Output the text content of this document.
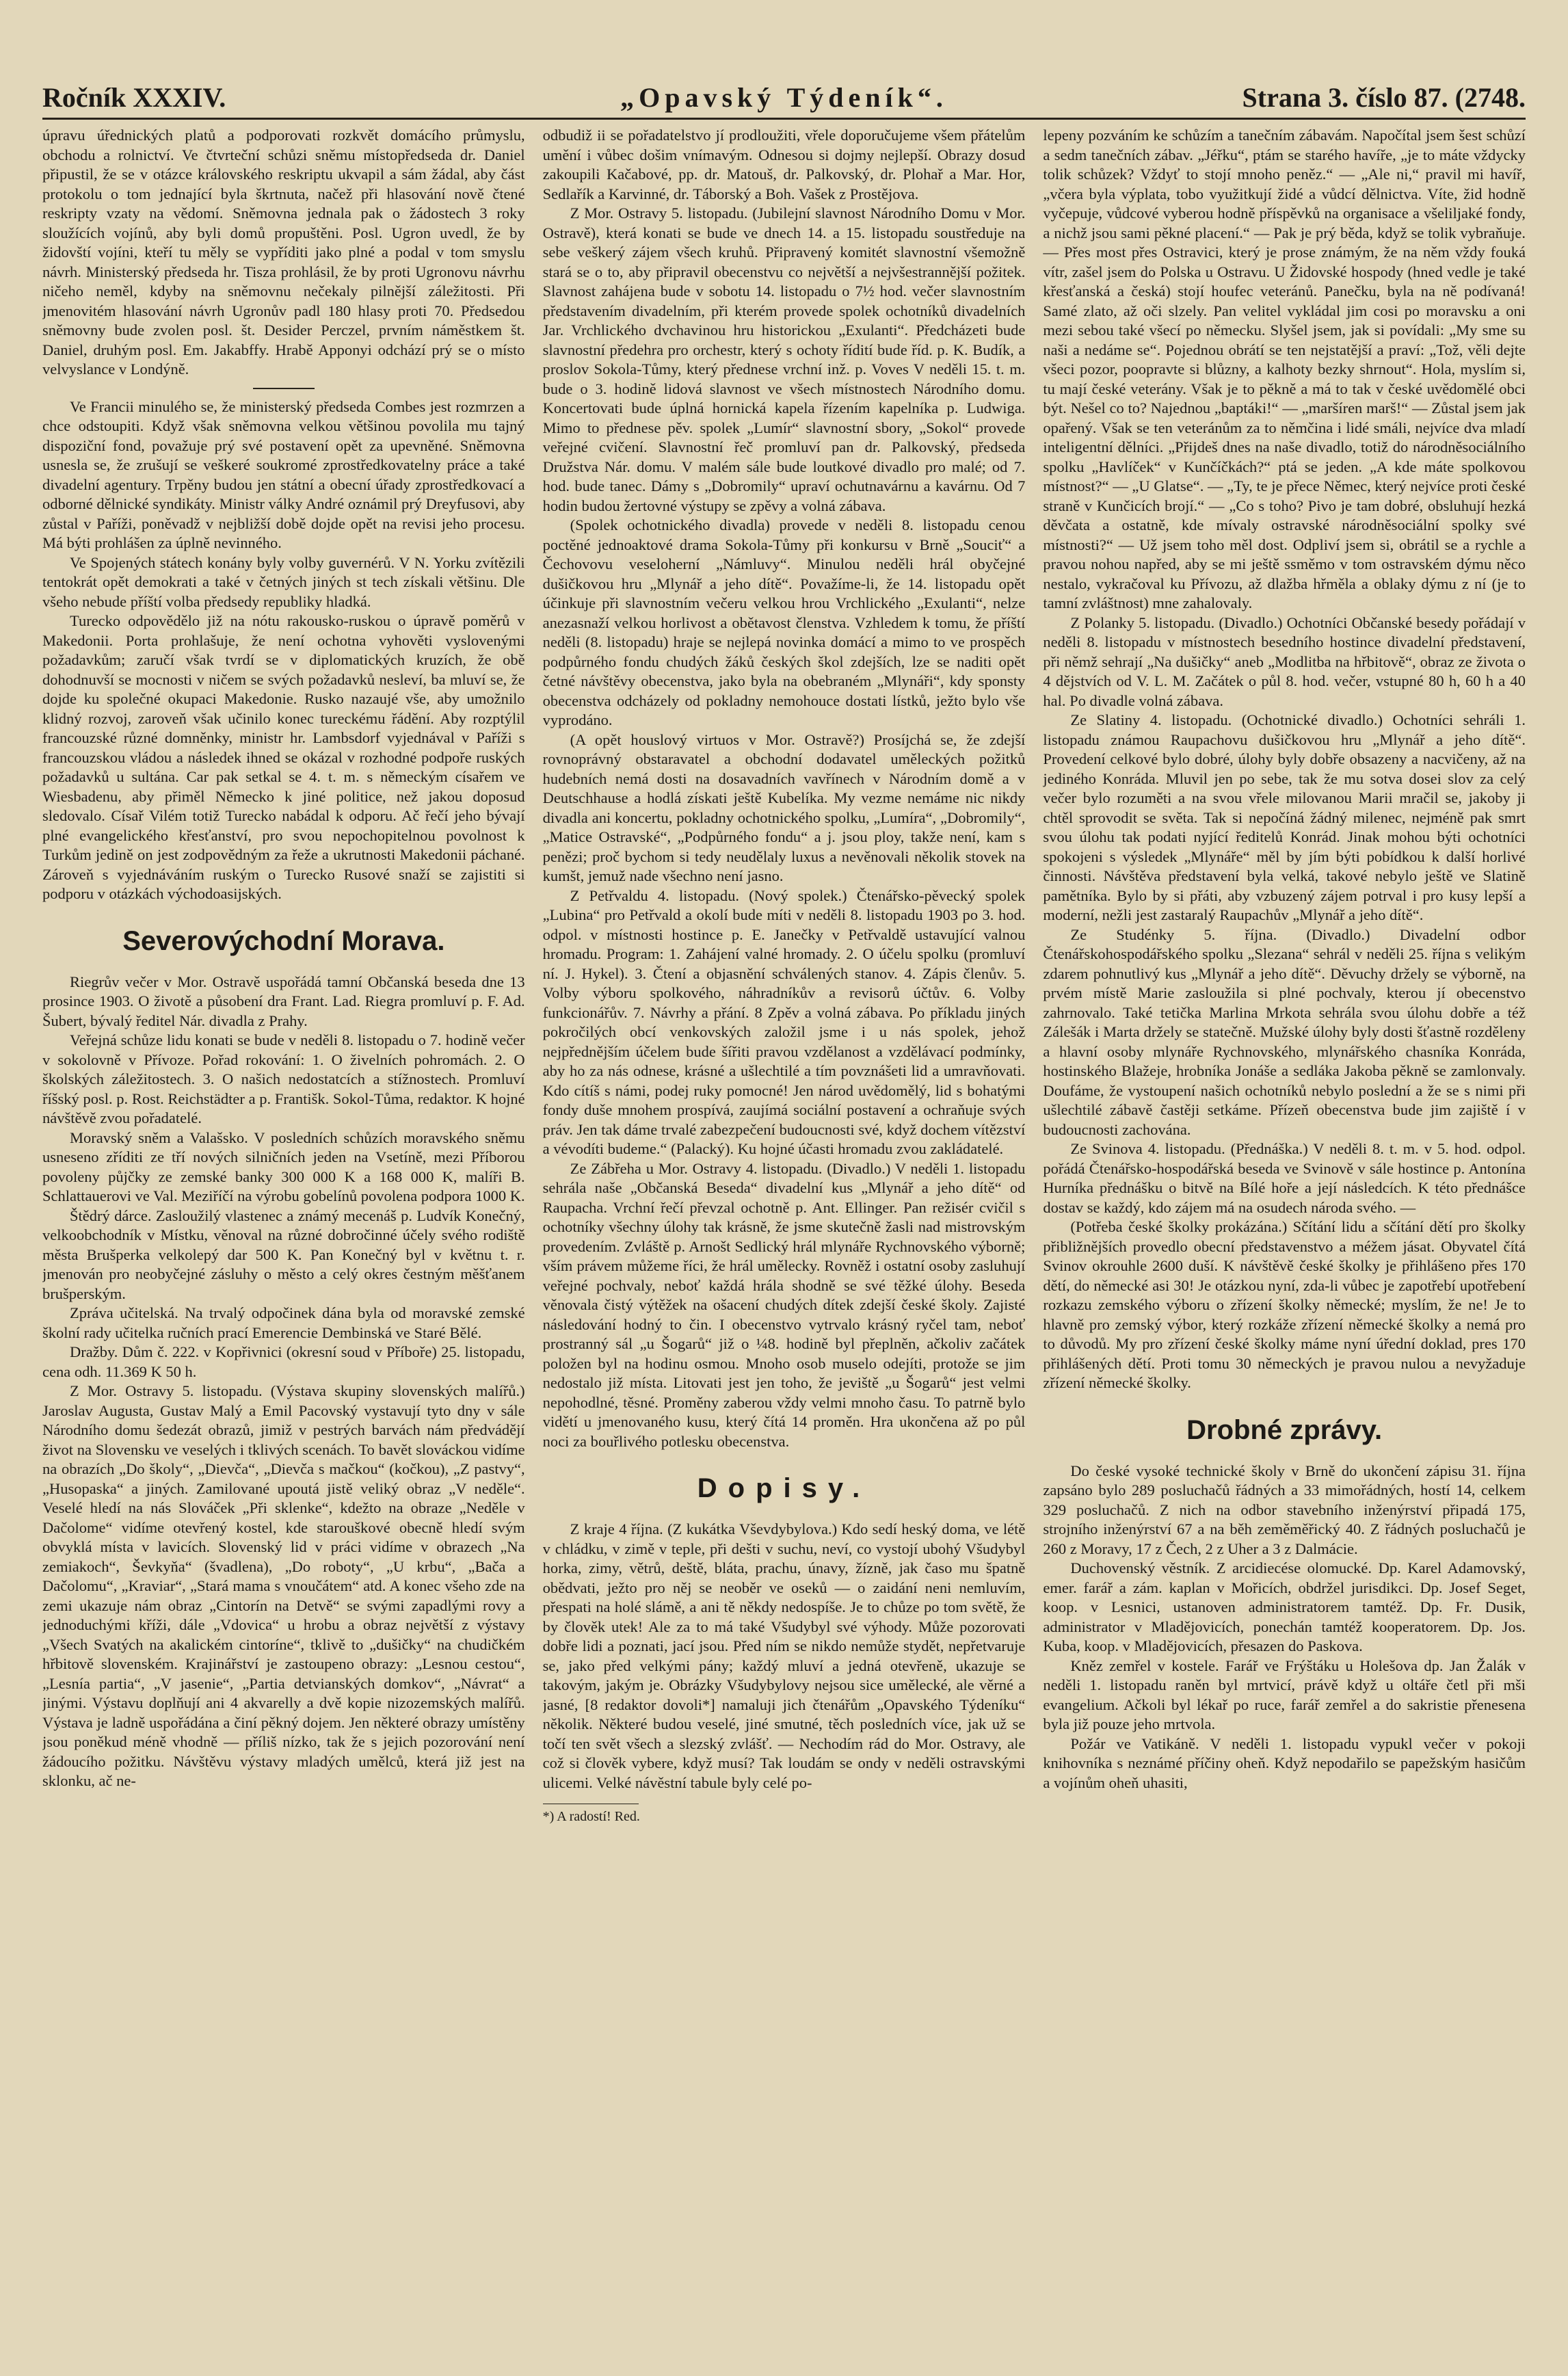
Ročník XXXIV.	„Opavský Týdeník“.	Strana 3. číslo 87. (2748.

úpravu úřednických platů a podporovati rozkvět domácího průmyslu, obchodu a rolnictví. Ve čtvrteční schůzi sněmu místopředseda dr. Daniel připustil, že se v otázce královského reskriptu ukvapil a sám žádal, aby část protokolu o tom jednající byla škrtnuta, načež při hlasování nově čtené reskripty vzaty na vědomí. Sněmovna jednala pak o žádostech 3 roky sloužících vojínů, aby byli domů propuštěni. Posl. Ugron uvedl, že by židovští vojíni, kteří tu měly se vypříditi jako plné a podal v tom smyslu návrh. Ministerský předseda hr. Tisza prohlásil, že by proti Ugronovu návrhu ničeho neměl, kdyby na sněmovnu nečekaly pilnější záležitosti. Při jmenovitém hlasování návrh Ugronův padl 180 hlasy proti 70. Předsedou sněmovny bude zvolen posl. št. Desider Perczel, prvním náměstkem št. Daniel, druhým posl. Em. Jakabffy. Hrabě Apponyi odchází prý se o místo velvyslance v Londýně.

Ve Francii minulého se, že ministerský předseda Combes jest rozmrzen a chce odstoupiti. Když však sněmovna velkou většinou povolila mu tajný dispoziční fond, považuje prý své postavení opět za upevněné. Sněmovna usnesla se, že zrušují se veškeré soukromé zprostředkovatelny práce a také divadelní agentury. Trpěny budou jen státní a obecní úřady zprostředkovací a odborné dělnické syndikáty. Ministr války André oznámil prý Dreyfusovi, aby zůstal v Paříži, poněvadž v nejbližší době dojde opět na revisi jeho procesu. Má býti prohlášen za úplně nevinného.

Ve Spojených státech konány byly volby guvernérů. V N. Yorku zvítězili tentokrát opět demokrati a také v četných jiných st tech získali většinu. Dle všeho nebude příští volba předsedy republiky hladká.

Turecko odpovědělo již na nótu rakousko-ruskou o úpravě poměrů v Makedonii. Porta prohlašuje, že není ochotna vyhověti vyslovenými požadavkům; zaručí však tvrdí se v diplomatických kruzích, že obě dohodnuvší se mocnosti v ničem se svých požadavků nesleví, ba mluví se, že dojde ku společné okupaci Makedonie. Rusko nazaujé vše, aby umožnilo klidný rozvoj, zaroveň však učinilo konec tureckému řádění. Aby rozptýlil francouzské různé domněnky, ministr hr. Lambsdorf vyjednával v Paříži s francouzskou vládou a následek ihned se okázal v rozhodné podpoře ruských požadavků u sultána. Car pak setkal se 4. t. m. s německým císařem ve Wiesbadenu, aby přiměl Německo k jiné politice, než jakou doposud sledovalo. Císař Vilém totiž Turecko nabádal k odporu. Ač řečí jeho bývají plné evangelického křesťanství, pro svou nepochopitelnou povolnost k Turkům jedině on jest zodpovědným za řeže a ukrutnosti Makedonii páchané. Zároveň s vyjednáváním ruským o Turecko Rusové snaží se zajistiti si podporu v otázkách východoasijských.

Severovýchodní Morava.

Riegrův večer v Mor. Ostravě uspořádá tamní Občanská beseda dne 13 prosince 1903. O životě a působení dra Frant. Lad. Riegra promluví p. F. Ad. Šubert, bývalý ředitel Nár. divadla z Prahy.

Veřejná schůze lidu konati se bude v neděli 8. listopadu o 7. hodině večer v sokolovně v Přívoze. Pořad rokování: 1. O živelních pohromách. 2. O školských záležitostech. 3. O našich nedostatcích a stížnostech. Promluví říšský posl. p. Rost. Reichstädter a p. Františk. Sokol-Tůma, redaktor. K hojné návštěvě zvou pořadatelé.

Moravský sněm a Valašsko. V posledních schůzích moravského sněmu usneseno zříditi ze tří nových silničních jeden na Vsetíně, mezi Příborou povoleny půjčky ze zemské banky 300 000 K a 168 000 K, malíři B. Schlattauerovi ve Val. Meziříčí na výrobu gobelínů povolena podpora 1000 K.

Štědrý dárce. Zasloužilý vlastenec a známý mecenáš p. Ludvík Konečný, velkoobchodník v Místku, věnoval na různé dobročinné účely svého rodiště města Brušperka velkolepý dar 500 K. Pan Konečný byl v květnu t. r. jmenován pro neobyčejné zásluhy o město a celý okres čestným měšťanem brušperským.

Zpráva učitelská. Na trvalý odpočinek dána byla od moravské zemské školní rady učitelka ručních prací Emerencie Dembinská ve Staré Bělé.

Dražby. Dům č. 222. v Kopřivnici (okresní soud v Příboře) 25. listopadu, cena odh. 11.369 K 50 h.

Z Mor. Ostravy 5. listopadu. (Výstava skupiny slovenských malířů.) Jaroslav Augusta, Gustav Malý a Emil Pacovský vystavují tyto dny v sále Národního domu šedezát obrazů, jimiž v pestrých barvách nám předvádějí život na Slovensku ve veselých i tklivých scenách. To bavět slováckou vidíme na obrazích „Do školy“, „Dievča“, „Dievča s mačkou“ (kočkou), „Z pastvy“, „Husopaska“ a jiných. Zamilované upoutá jistě veliký obraz „V neděle“. Veselé hledí na nás Slováček „Při sklenke“, kdežto na obraze „Neděle v Dačolome“ vidíme otevřený kostel, kde starouškové obecně hledí svým obvyklá místa v lavicích. Slovenský lid v práci vidíme v obrazech „Na zemiakoch“, Ševkyňa“ (švadlena), „Do roboty“, „U krbu“, „Bača a Dačolomu“, „Kraviar“, „Stará mama s vnoučátem“ atd. A konec všeho zde na zemi ukazuje nám obraz „Cintorín na Detvě“ se svými zapadlými rovy a jednoduchými kříži, dále „Vdovica“ u hrobu a obraz největší z výstavy „Všech Svatých na akalickém cintoríne“, tklivě to „dušičky“ na chudičkém hřbitově slovenském. Krajinářství je zastoupeno obrazy: „Lesnou cestou“, „Lesnía partia“, „V jasenie“, „Partia detvianských domkov“, „Návrat“ a jinými. Výstavu doplňují ani 4 akvarelly a dvě kopie nizozemských malířů. Výstava je ladně uspořádána a činí pěkný dojem. Jen některé obrazy umístěny jsou poněkud méně vhodně — příliš nízko, tak že s jejich pozorování není žádoucího požitku. Návštěvu výstavy mladých umělců, která již jest na sklonku, ač ne-

odbudiž ii se pořadatelstvo jí prodloužiti, vřele doporučujeme všem přátelům umění i vůbec došim vnímavým. Odnesou si dojmy nejlepší. Obrazy dosud zakoupili Kačabové, pp. dr. Matouš, dr. Palkovský, dr. Plohař a Mar. Hor, Sedlařík a Karvinné, dr. Táborský a Boh. Vašek z Prostějova.

Z Mor. Ostravy 5. listopadu. (Jubilejní slavnost Národního Domu v Mor. Ostravě), která konati se bude ve dnech 14. a 15. listopadu soustředuje na sebe veškerý zájem všech kruhů. Připravený komitét slavnostní všemožně stará se o to, aby připravil obecenstvu co největší a nejvšestrannější požitek. Slavnost zahájena bude v sobotu 14. listopadu o 7½ hod. večer slavnostním představením divadelním, při kterém provede spolek ochotníků divadelních Jar. Vrchlického dvchavinou hru historickou „Exulanti“. Předcházeti bude slavnostní předehra pro orchestr, který s ochoty řídití bude říd. p. K. Budík, a proslov Sokola-Tůmy, který přednese vrchní inž. p. Voves V neděli 15. t. m. bude o 3. hodině lidová slavnost ve všech místnostech Národního domu. Koncertovati bude úplná hornická kapela řízením kapelníka p. Ludwiga. Mimo to přednese pěv. spolek „Lumír“ slavnostní sbory, „Sokol“ provede veřejné cvičení. Slavnostní řeč promluví pan dr. Palkovský, předseda Družstva Nár. domu. V malém sále bude loutkové divadlo pro malé; od 7. hod. bude tanec. Dámy s „Dobromily“ upraví ochutnavárnu a kavárnu. Od 7 hodin budou žertovné výstupy se zpěvy a volná zábava.

(Spolek ochotnického divadla) provede v neděli 8. listopadu cenou poctěné jednoaktové drama Sokola-Tůmy při konkursu v Brně „Souciť“ a Čechovovu veseloherní „Námluvy“. Minulou neděli hrál obyčejné dušičkovou hru „Mlynář a jeho dítě“. Považíme-li, že 14. listopadu opět účinkuje při slavnostním večeru velkou hrou Vrchlického „Exulanti“, nelze anezasnaží velkou horlivost a obětavost členstva. Vzhledem k tomu, že příští neděli (8. listopadu) hraje se nejlepá novinka domácí a mimo to ve prospěch podpůrného fondu chudých žáků českých škol zdejších, lze se naditi opět četné návštěvy obecenstva, jako byla na obebraném „Mlynáři“, kdy sponsty obecenstva odcházely od pokladny nemohouce dostati lístků, ježto bylo vše vyprodáno.

(A opět houslový virtuos v Mor. Ostravě?) Prosíjchá se, že zdejší rovnoprávný obstaravatel a obchodní dodavatel uměleckých požitků hudebních nemá dosti na dosavadních vavřínech v Národním domě a v Deutschhause a hodlá získati ještě Kubelíka. My vezme nemáme nic nikdy divadla ani koncertu, pokladny ochotnického spolku, „Lumíra“, „Dobromily“, „Matice Ostravské“, „Podpůrného fondu“ a j. jsou ploy, takže není, kam s penězi; proč bychom si tedy neudělaly luxus a nevěnovali několik stovek na kumšt, jemuž nade všechno není jasno.

Z Petřvaldu 4. listopadu. (Nový spolek.) Čtenářsko-pěvecký spolek „Lubina“ pro Petřvald a okolí bude míti v neděli 8. listopadu 1903 po 3. hod. odpol. v místnosti hostince p. E. Janečky v Petřvaldě ustavující valnou hromadu. Program: 1. Zahájení valné hromady. 2. O účelu spolku (promluví ní. J. Hykel). 3. Čtení a objasnění schválených stanov. 4. Zápis členův. 5. Volby výboru spolkového, náhradníkův a revisorů účtův. 6. Volby funkcionářův. 7. Návrhy a přání. 8 Zpěv a volná zábava. Po příkladu jiných pokročilých obcí venkovských založil jsme i u nás spolek, jehož nejpřednějším účelem bude šířiti pravou vzdělanost a vzdělávací podmínky, aby ho za nás odnese, krásné a ušlechtilé a tím povznášeti lid a umravňovati. Kdo cítíš s námi, podej ruky pomocné! Jen národ uvědomělý, lid s bohatými fondy duše mnohem prospívá, zaujímá sociální postavení a ochraňuje svých práv. Jen tak dáme trvalé zabezpečení budoucnosti své, když dochem vítězství a vévodíti budeme.“ (Palacký). Ku hojné účasti hromadu zvou zakládatelé.

Ze Zábřeha u Mor. Ostravy 4. listopadu. (Divadlo.) V neděli 1. listopadu sehrála naše „Občanská Beseda“ divadelní kus „Mlynář a jeho dítě“ od Raupacha. Vrchní řečí převzal ochotně p. Ant. Ellinger. Pan režisér cvičil s ochotníky všechny úlohy tak krásně, že jsme skutečně žasli nad mistrovským provedením. Zvláště p. Arnošt Sedlický hrál mlynáře Rychnovského výborně; vším právem můžeme říci, že hrál umělecky. Rovněž i ostatní osoby zasluhují veřejné pochvaly, neboť každá hrála shodně se své těžké úlohy. Beseda věnovala čistý výtěžek na ošacení chudých dítek zdejší české školy. Zajisté následování hodný to čin. I obecenstvo vytrvalo krásný ryčel tam, neboť prostranný sál „u Šogarů“ již o ¼8. hodině byl přeplněn, ačkoliv začátek položen byl na hodinu osmou. Mnoho osob muselo odejíti, protože se jim nedostalo již místa. Litovati jest jen toho, že jeviště „u Šogarů“ jest velmi nepohodlné, těsné. Proměny zaberou vždy velmi mnoho času. To patrně bylo vidětí u jmenovaného kusu, který čítá 14 proměn. Hra ukončena až po půl noci za bouřlivého potlesku obecenstva.

Dopisy.

Z kraje 4 října. (Z kukátka Vševdybylova.) Kdo sedí heský doma, ve létě v chládku, v zimě v teple, při dešti v suchu, neví, co vystojí ubohý Všudybyl horka, zimy, větrů, deště, bláta, prachu, únavy, žízně, jak časo mu špatně obědvati, ježto pro něj se neoběr ve oseků — o zaidání neni nemluvím, přespati na holé slámě, a ani tě někdy nedospíše. Je to chůze po tom světě, že by člověk utek! Ale za to má také Všudybyl své výhody. Může pozorovati dobře lidi a poznati, jací jsou. Před ním se nikdo nemůže stydět, nepřetvaruje se, jako před velkými pány; každý mluví a jedná otevřeně, ukazuje se takovým, jakým je. Obrázky Všudybylovy nejsou sice umělecké, ale věrné a jasné, [8 redaktor dovoli*] namaluji jich čtenářům „Opavského Týdeníku“ několik. Některé budou veselé, jiné smutné, těch posledních více, jak už se točí ten svět všech a slezský zvlášť. — Nechodím rád do Mor. Ostravy, ale což si člověk vybere, když musí? Tak loudám se ondy v neděli ostravskými ulicemi. Velké návěstní tabule byly celé po-

*) A radostí! Red.

lepeny pozváním ke schůzím a tanečním zábavám. Napočítal jsem šest schůzí a sedm tanečních zábav. „Jéřku“, ptám se starého havíře, „je to máte vždycky tolik schůzek? Vždyť to stojí mnoho peněz.“ — „Ale ni,“ pravil mi havíř, „včera byla výplata, tobo využitkují židé a vůdcí dělnictva. Víte, žid hodně vyčepuje, vůdcové vyberou hodně příspěvků na organisace a všeliljaké fondy, a nichž jsou sami pěkné placení.“ — Pak je prý běda, když se tolik vybraňuje. — Přes most přes Ostravici, který je prose známým, že na něm vždy fouká vítr, zašel jsem do Polska u Ostravu. U Židovské hospody (hned vedle je také křesťanská a česká) stojí houfec veteránů. Panečku, byla na ně podívaná! Samé zlato, až oči slzely. Pan velitel vykládal jim cosi po moravsku a oni mezi sebou také všecí po německu. Slyšel jsem, jak si povídali: „My sme su naši a nedáme se“. Pojednou obrátí se ten nejstatější a praví: „Tož, věli dejte všeci pozor, poopravte si blůzny, a kalhoty bezky shrnout“. Hola, myslím si, tu mají české veterány. Však je to pěkně a má to tak v české uvědomělé obci být. Nešel co to? Najednou „baptáki!“ — „maršíren marš!“ — Zůstal jsem jak opařený. Však se ten veteránům za to němčina i lidé smáli, nejvíce dva mladí inteligentní dělníci. „Přijdeš dnes na naše divadlo, totiž do národněsociálního spolku „Havlíček“ v Kunčíčkách?“ ptá se jeden. „A kde máte spolkovou místnost?“ — „U Glatse“. — „Ty, te je přece Němec, který nejvíce proti české straně v Kunčicích brojí.“ — „Co s toho? Pivo je tam dobré, obsluhují hezká děvčata a ostatně, kde mívaly ostravské národněsociální spolky své místnosti?“ — Už jsem toho měl dost. Odpliví jsem si, obrátil se a rychle a pravou nohou napřed, aby se mi ještě ssměmo v tom ostravském dýmu něco nestalo, vykračoval ku Přívozu, až dlažba hřměla a oblaky dýmu z ní (je to tamní zvláštnost) mne zahalovaly.

Z Polanky 5. listopadu. (Divadlo.) Ochotníci Občanské besedy pořádají v neděli 8. listopadu v místnostech besedního hostince divadelní představení, při němž sehrají „Na dušičky“ aneb „Modlitba na hřbitově“, obraz ze života o 4 dějstvích od V. L. M. Začátek o půl 8. hod. večer, vstupné 80 h, 60 h a 40 hal. Po divadle volná zábava.

Ze Slatiny 4. listopadu. (Ochotnické divadlo.) Ochotníci sehráli 1. listopadu známou Raupachovu dušičkovou hru „Mlynář a jeho dítě“. Provedení celkové bylo dobré, úlohy byly dobře obsazeny a nacvičeny, až na jediného Konráda. Mluvil jen po sebe, tak že mu sotva dosei slov za celý večer bylo rozuměti a na svou vřele milovanou Marii mračil se, jakoby ji chtěl sprovodit se světa. Tak si nepočíná žádný milenec, nejméně pak smrt svou úlohu tak podati nyjící ředitelů Konrád. Jinak mohou býti ochotníci spokojeni s výsledek „Mlynáře“ měl by jím býti pobídkou k další horlivé činnosti. Návštěva představení byla velká, takové nebylo ještě ve Slatině pamětníka. Bylo by si přáti, aby vzbuzený zájem potrval i pro kusy lepší a moderní, nežli jest zastaralý Raupachův „Mlynář a jeho dítě“.

Ze Studénky 5. října. (Divadlo.) Divadelní odbor Čtenářskohospodářského spolku „Slezana“ sehrál v neděli 25. října s velikým zdarem pohnutlivý kus „Mlynář a jeho dítě“. Děvuchy držely se výborně, na prvém místě Marie zasloužila si plné pochvaly, kterou jí obecenstvo zahrnovalo. Také tetička Marlina Mrkota sehrála svou úlohu dobře a též Zálešák i Marta držely se statečně. Mužské úlohy byly dosti šťastně rozděleny a hlavní osoby mlynáře Rychnovského, mlynářského chasníka Konráda, hostinského Blažeje, hrobníka Jonáše a sedláka Jakoba pěkně se zamlonvaly. Doufáme, že vystoupení našich ochotníků nebylo poslední a že se s nimi při ušlechtilé zábavě častěji setkáme. Přízeň obecenstva bude jim zajiště í v budoucnosti zachována.

Ze Svinova 4. listopadu. (Přednáška.) V neděli 8. t. m. v 5. hod. odpol. pořádá Čtenářsko-hospodářská beseda ve Svinově v sále hostince p. Antonína Hurníka přednášku o bitvě na Bílé hoře a její následcích. K této přednášce dostav se každý, kdo zájem má na osudech národa svého. —

(Potřeba české školky prokázána.) Sčítání lidu a sčítání dětí pro školky přibližnějších provedlo obecní představenstvo a méžem jásat. Obyvatel čítá Svinov okrouhle 2600 duší. K návštěvě české školky je přihlášeno přes 170 dětí, do německé asi 30! Je otázkou nyní, zda-li vůbec je zapotřebí upotřebení rozkazu zemského výboru o zřízení školky německé; myslím, že ne! Je to hlavně pro zemský výbor, který rozkáže zřízení německé školky a nemá pro to důvodů. My pro zřízení české školky máme nyní úřední doklad, pres 170 přihlášených dětí. Proti tomu 30 německých je pravou nulou a nevyžaduje zřízení německé školky.

Drobné zprávy.

Do české vysoké technické školy v Brně do ukončení zápisu 31. října zapsáno bylo 289 posluchačů řádných a 33 mimořádných, hostí 14, celkem 329 posluchačů. Z nich na odbor stavebního inženýrství připadá 175, strojního inženýrství 67 a na běh zeměměřický 40. Z řádných posluchačů je 260 z Moravy, 17 z Čech, 2 z Uher a 3 z Dalmácie.

Duchovenský věstník. Z arcidiecése olomucké. Dp. Karel Adamovský, emer. farář a zám. kaplan v Mořicích, obdržel jurisdikci. Dp. Josef Seget, koop. v Lesnici, ustanoven administratorem tamtéž. Dp. Fr. Dusik, administrator v Mladějovicích, ponechán tamtéž kooperatorem. Dp. Jos. Kuba, koop. v Mladějovicích, přesazen do Paskova.

Kněz zemřel v kostele. Farář ve Frýštáku u Holešova dp. Jan Žalák v neděli 1. listopadu raněn byl mrtvicí, právě když u oltáře četl při mši evangelium. Ačkoli byl lékař po ruce, farář zemřel a do sakristie přenesena byla již pouze jeho mrtvola.

Požár ve Vatikáně. V neděli 1. listopadu vypukl večer v pokoji knihovníka s neznámé příčiny oheň. Když nepodařilo se papežským hasičům a vojínům oheň uhasiti,
